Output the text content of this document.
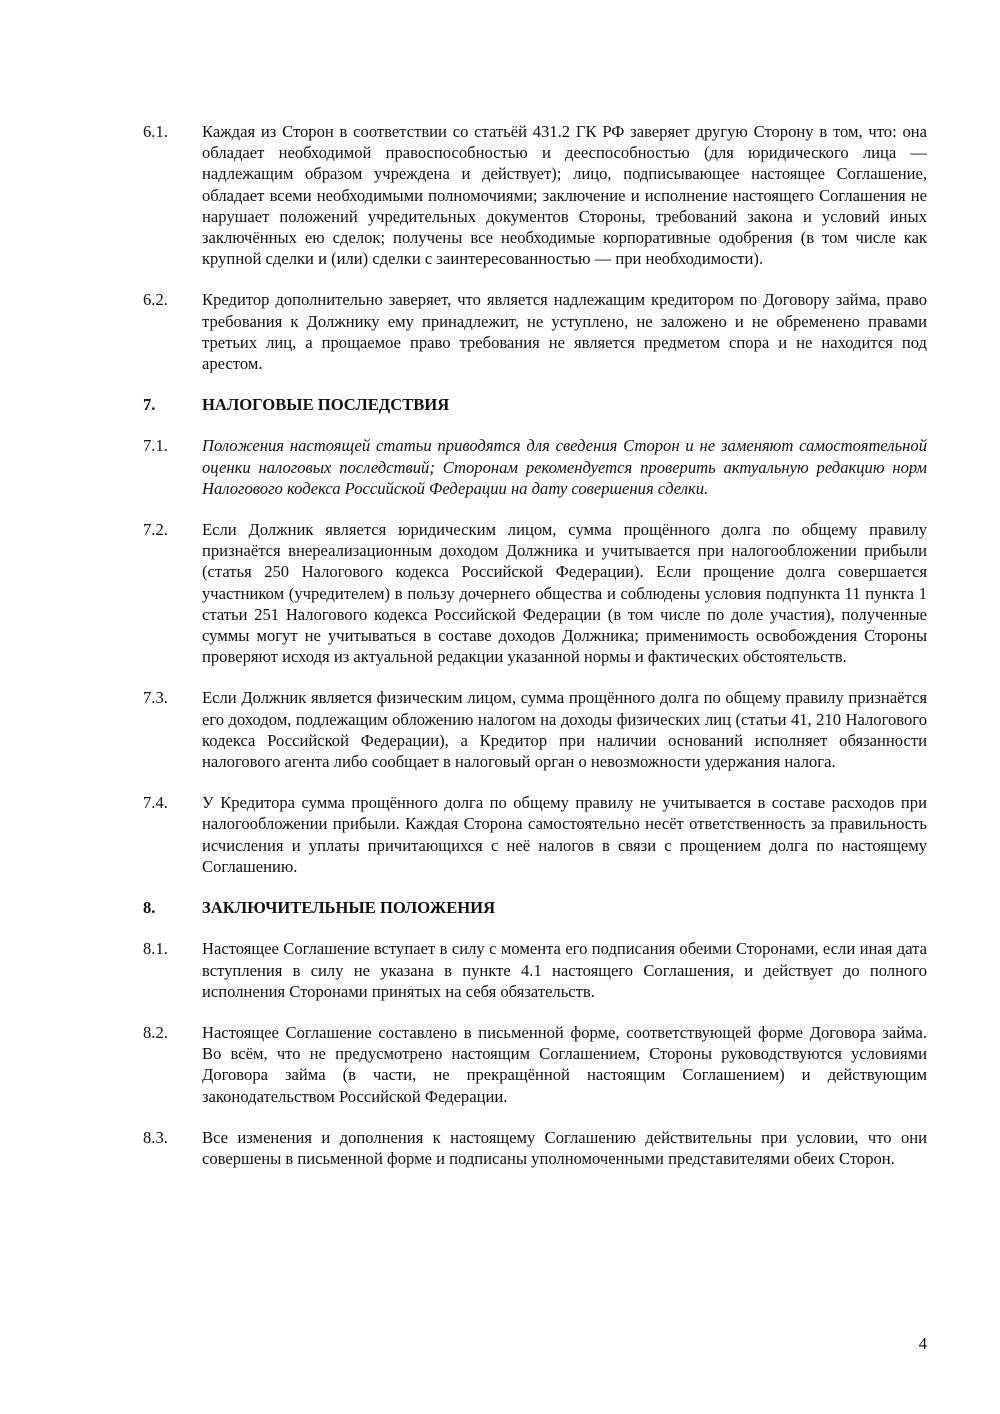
6.1.	Каждая из Сторон в соответствии со статьёй 431.2 ГК РФ заверяет другую Сторону в том, что: она обладает необходимой правоспособностью и дееспособностью (для юридического лица — надлежащим образом учреждена и действует); лицо, подписывающее настоящее Соглашение, обладает всеми необходимыми полномочиями; заключение и исполнение настоящего Соглашения не нарушает положений учредительных документов Стороны, требований закона и условий иных заключённых ею сделок; получены все необходимые корпоративные одобрения (в том числе как крупной сделки и (или) сделки с заинтересованностью — при необходимости).
6.2.	Кредитор дополнительно заверяет, что является надлежащим кредитором по Договору займа, право требования к Должнику ему принадлежит, не уступлено, не заложено и не обременено правами третьих лиц, а прощаемое право требования не является предметом спора и не находится под арестом.
7.	НАЛОГОВЫЕ ПОСЛЕДСТВИЯ
7.1.	Положения настоящей статьи приводятся для сведения Сторон и не заменяют самостоятельной оценки налоговых последствий; Сторонам рекомендуется проверить актуальную редакцию норм Налогового кодекса Российской Федерации на дату совершения сделки.
7.2.	Если Должник является юридическим лицом, сумма прощённого долга по общему правилу признаётся внереализационным доходом Должника и учитывается при налогообложении прибыли (статья 250 Налогового кодекса Российской Федерации). Если прощение долга совершается участником (учредителем) в пользу дочернего общества и соблюдены условия подпункта 11 пункта 1 статьи 251 Налогового кодекса Российской Федерации (в том числе по доле участия), полученные суммы могут не учитываться в составе доходов Должника; применимость освобождения Стороны проверяют исходя из актуальной редакции указанной нормы и фактических обстоятельств.
7.3.	Если Должник является физическим лицом, сумма прощённого долга по общему правилу признаётся его доходом, подлежащим обложению налогом на доходы физических лиц (статьи 41, 210 Налогового кодекса Российской Федерации), а Кредитор при наличии оснований исполняет обязанности налогового агента либо сообщает в налоговый орган о невозможности удержания налога.
7.4.	У Кредитора сумма прощённого долга по общему правилу не учитывается в составе расходов при налогообложении прибыли. Каждая Сторона самостоятельно несёт ответственность за правильность исчисления и уплаты причитающихся с неё налогов в связи с прощением долга по настоящему Соглашению.
8.	ЗАКЛЮЧИТЕЛЬНЫЕ ПОЛОЖЕНИЯ
8.1.	Настоящее Соглашение вступает в силу с момента его подписания обеими Сторонами, если иная дата вступления в силу не указана в пункте 4.1 настоящего Соглашения, и действует до полного исполнения Сторонами принятых на себя обязательств.
8.2.	Настоящее Соглашение составлено в письменной форме, соответствующей форме Договора займа. Во всём, что не предусмотрено настоящим Соглашением, Стороны руководствуются условиями Договора займа (в части, не прекращённой настоящим Соглашением) и действующим законодательством Российской Федерации.
8.3.	Все изменения и дополнения к настоящему Соглашению действительны при условии, что они совершены в письменной форме и подписаны уполномоченными представителями обеих Сторон.
4
